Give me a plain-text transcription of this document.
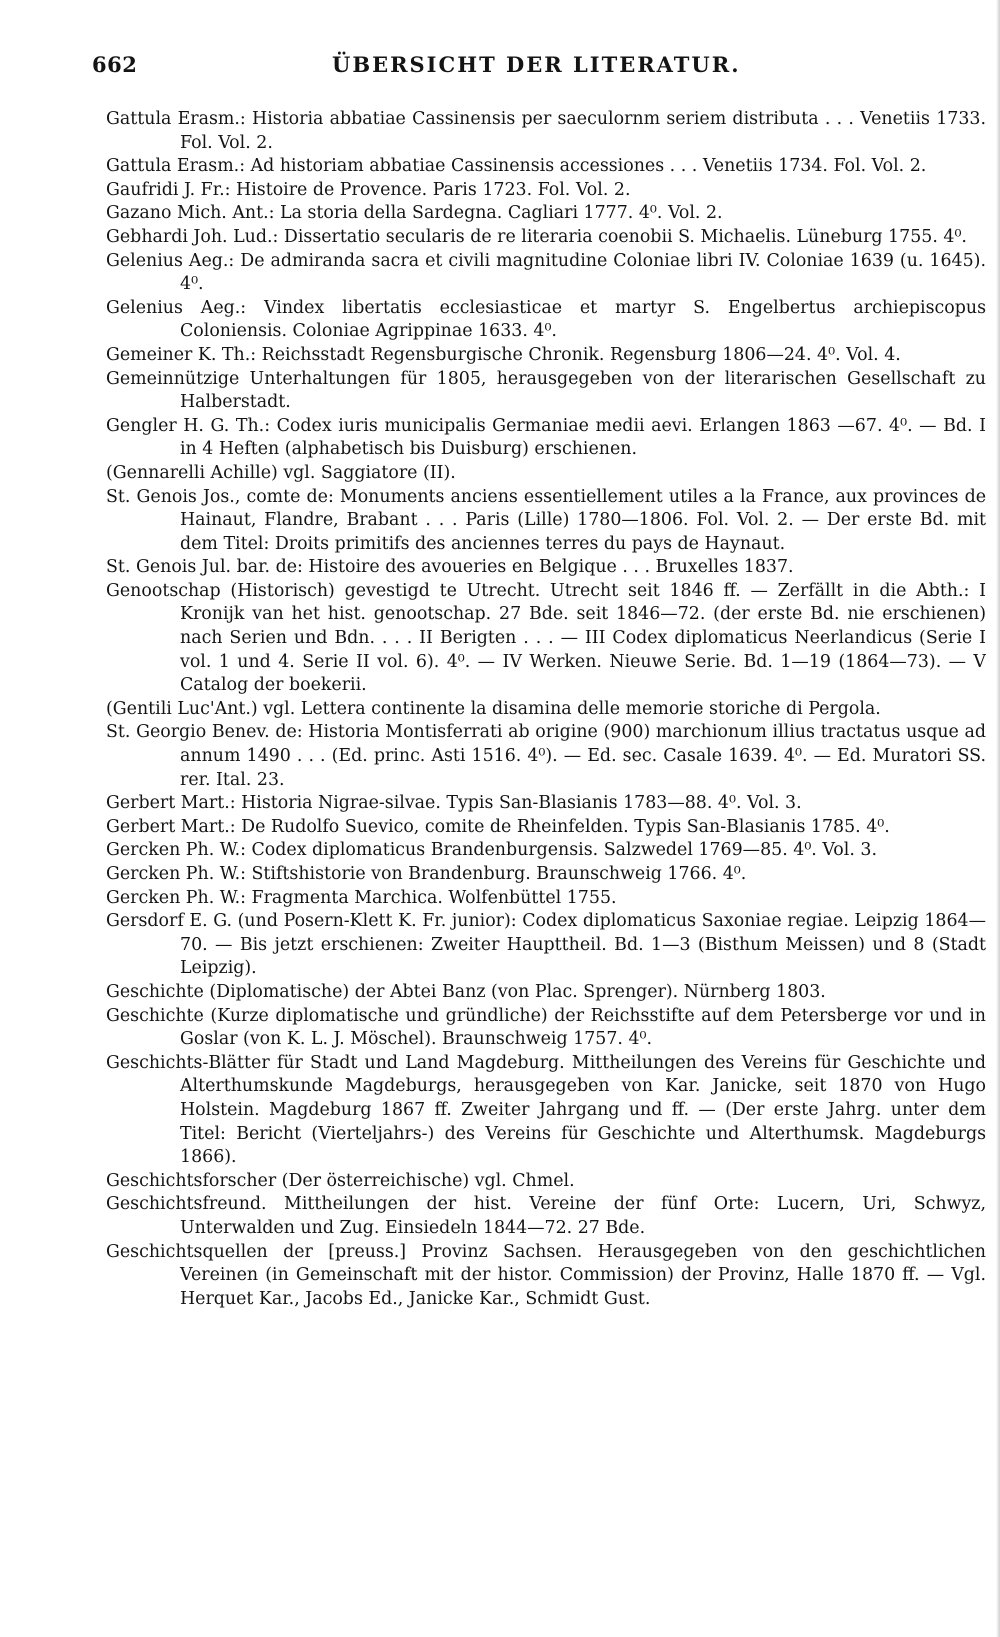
662	ÜBERSICHT DER LITERATUR.

Gattula Erasm.: Historia abbatiae Cassinensis per saeculornm seriem distributa . . . Venetiis 1733. Fol. Vol. 2.

Gattula Erasm.: Ad historiam abbatiae Cassinensis accessiones . . . Venetiis 1734. Fol. Vol. 2.

Gaufridi J. Fr.: Histoire de Provence. Paris 1723. Fol. Vol. 2.

Gazano Mich. Ant.: La storia della Sardegna. Cagliari 1777. 4⁰. Vol. 2.

Gebhardi Joh. Lud.: Dissertatio secularis de re literaria coenobii S. Michaelis. Lüneburg 1755. 4⁰.

Gelenius Aeg.: De admiranda sacra et civili magnitudine Coloniae libri IV. Coloniae 1639 (u. 1645). 4⁰.

Gelenius Aeg.: Vindex libertatis ecclesiasticae et martyr S. Engelbertus archiepiscopus Coloniensis. Coloniae Agrippinae 1633. 4⁰.

Gemeiner K. Th.: Reichsstadt Regensburgische Chronik. Regensburg 1806—24. 4⁰. Vol. 4.

Gemeinnützige Unterhaltungen für 1805, herausgegeben von der literarischen Gesellschaft zu Halberstadt.

Gengler H. G. Th.: Codex iuris municipalis Germaniae medii aevi. Erlangen 1863 —67. 4⁰. — Bd. I in 4 Heften (alphabetisch bis Duisburg) erschienen.

(Gennarelli Achille) vgl. Saggiatore (II).

St. Genois Jos., comte de: Monuments anciens essentiellement utiles a la France, aux provinces de Hainaut, Flandre, Brabant . . . Paris (Lille) 1780—1806. Fol. Vol. 2. — Der erste Bd. mit dem Titel: Droits primitifs des anciennes terres du pays de Haynaut.

St. Genois Jul. bar. de: Histoire des avoueries en Belgique . . . Bruxelles 1837.

Genootschap (Historisch) gevestigd te Utrecht. Utrecht seit 1846 ff. — Zerfällt in die Abth.: I Kronijk van het hist. genootschap. 27 Bde. seit 1846—72. (der erste Bd. nie erschienen) nach Serien und Bdn. . . . II Berigten . . . — III Codex diplomaticus Neerlandicus (Serie I vol. 1 und 4. Serie II vol. 6). 4⁰. — IV Werken. Nieuwe Serie. Bd. 1—19 (1864—73). — V Catalog der boekerii.

(Gentili Luc'Ant.) vgl. Lettera continente la disamina delle memorie storiche di Pergola.

St. Georgio Benev. de: Historia Montisferrati ab origine (900) marchionum illius tractatus usque ad annum 1490 . . . (Ed. princ. Asti 1516. 4⁰). — Ed. sec. Casale 1639. 4⁰. — Ed. Muratori SS. rer. Ital. 23.

Gerbert Mart.: Historia Nigrae-silvae. Typis San-Blasianis 1783—88. 4⁰. Vol. 3.

Gerbert Mart.: De Rudolfo Suevico, comite de Rheinfelden. Typis San-Blasianis 1785. 4⁰.

Gercken Ph. W.: Codex diplomaticus Brandenburgensis. Salzwedel 1769—85. 4⁰. Vol. 3.

Gercken Ph. W.: Stiftshistorie von Brandenburg. Braunschweig 1766. 4⁰.

Gercken Ph. W.: Fragmenta Marchica. Wolfenbüttel 1755.

Gersdorf E. G. (und Posern-Klett K. Fr. junior): Codex diplomaticus Saxoniae regiae. Leipzig 1864—70. — Bis jetzt erschienen: Zweiter Haupttheil. Bd. 1—3 (Bisthum Meissen) und 8 (Stadt Leipzig).

Geschichte (Diplomatische) der Abtei Banz (von Plac. Sprenger). Nürnberg 1803.

Geschichte (Kurze diplomatische und gründliche) der Reichsstifte auf dem Petersberge vor und in Goslar (von K. L. J. Möschel). Braunschweig 1757. 4⁰.

Geschichts-Blätter für Stadt und Land Magdeburg. Mittheilungen des Vereins für Geschichte und Alterthumskunde Magdeburgs, herausgegeben von Kar. Janicke, seit 1870 von Hugo Holstein. Magdeburg 1867 ff. Zweiter Jahrgang und ff. — (Der erste Jahrg. unter dem Titel: Bericht (Vierteljahrs-) des Vereins für Geschichte und Alterthumsk. Magdeburgs 1866).

Geschichtsforscher (Der österreichische) vgl. Chmel.

Geschichtsfreund. Mittheilungen der hist. Vereine der fünf Orte: Lucern, Uri, Schwyz, Unterwalden und Zug. Einsiedeln 1844—72. 27 Bde.

Geschichtsquellen der [preuss.] Provinz Sachsen. Herausgegeben von den geschichtlichen Vereinen (in Gemeinschaft mit der histor. Commission) der Provinz, Halle 1870 ff. — Vgl. Herquet Kar., Jacobs Ed., Janicke Kar., Schmidt Gust.
